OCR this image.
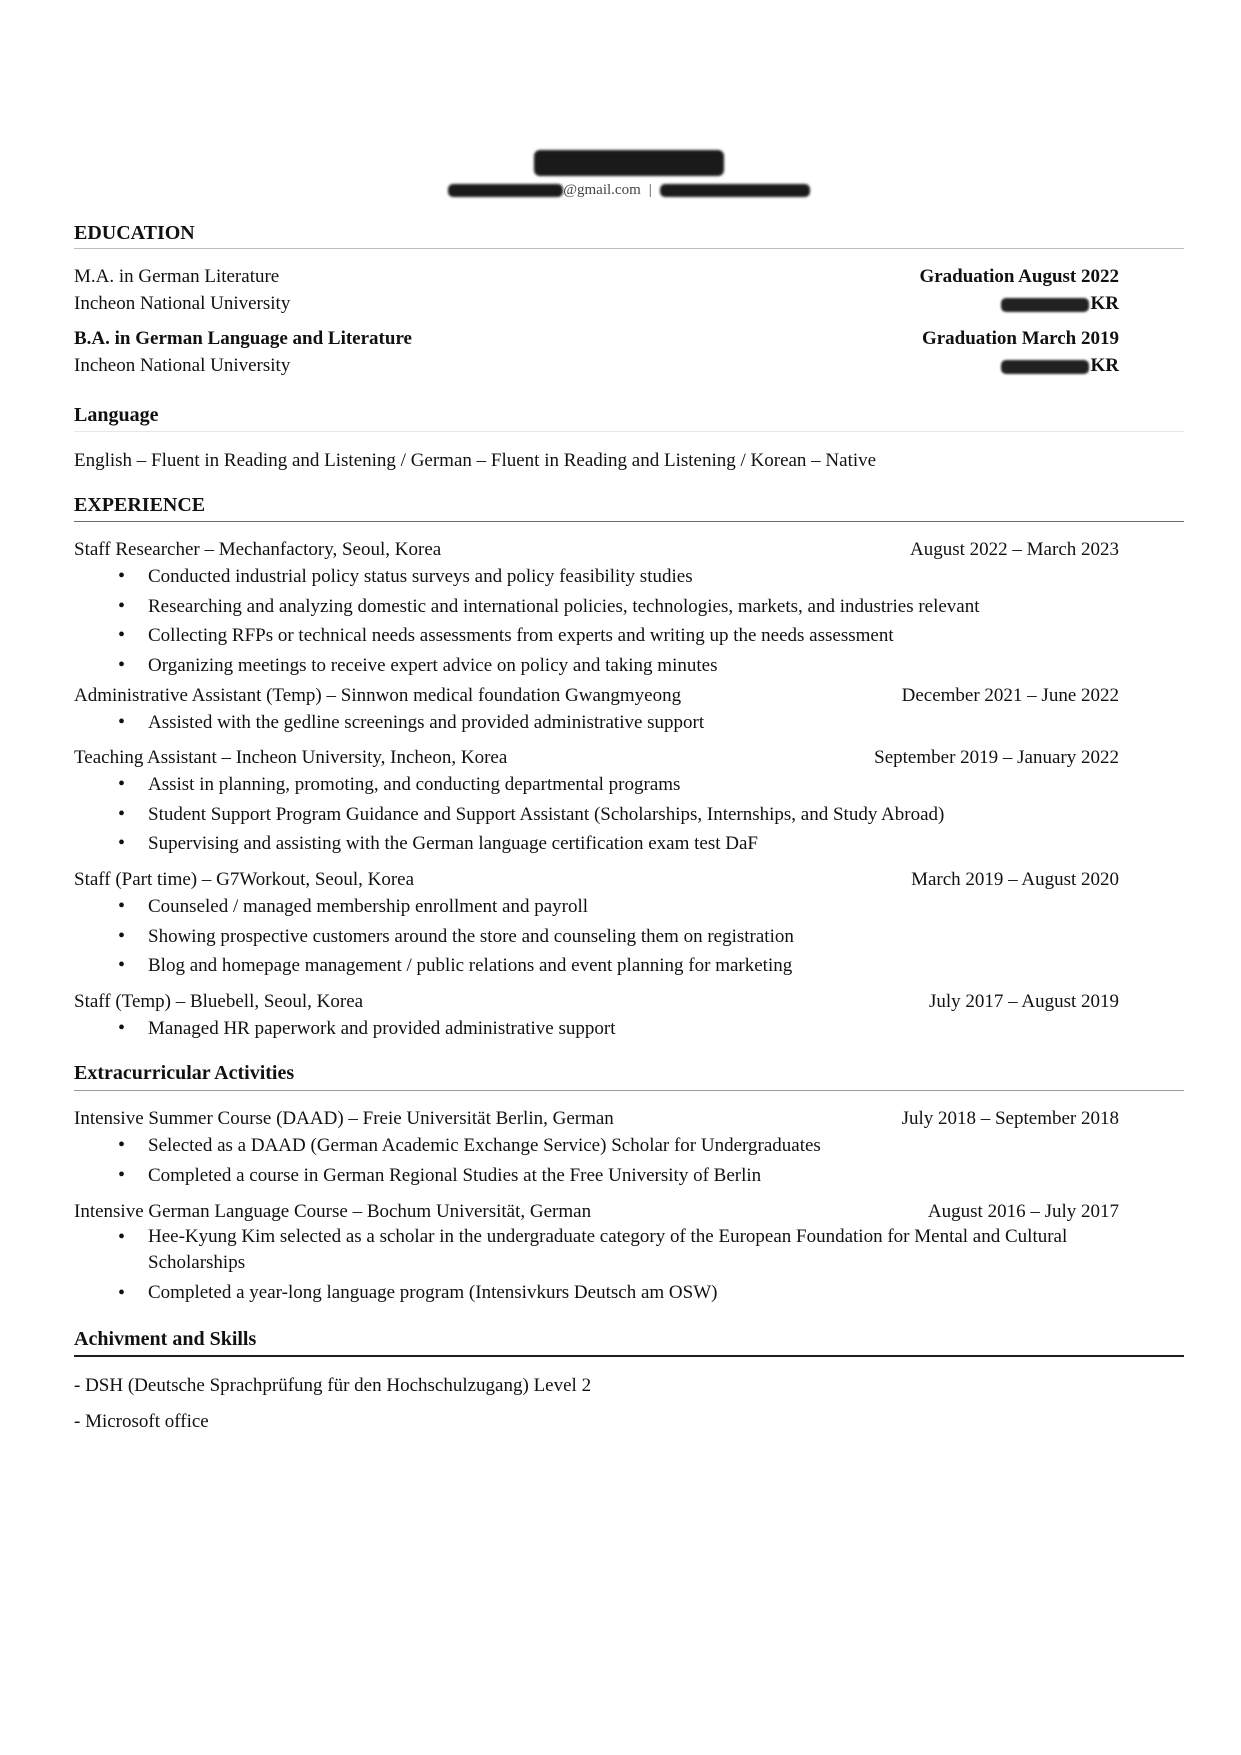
@gmail.com |
EDUCATION
M.A. in German Literature	Graduation August 2022
Incheon National University	KR
B.A. in German Language and Literature	Graduation March 2019
Incheon National University	KR
Language
English – Fluent in Reading and Listening / German – Fluent in Reading and Listening / Korean – Native
EXPERIENCE
Staff Researcher – Mechanfactory, Seoul, Korea	August 2022 – March 2023
• Conducted industrial policy status surveys and policy feasibility studies
• Researching and analyzing domestic and international policies, technologies, markets, and industries relevant
• Collecting RFPs or technical needs assessments from experts and writing up the needs assessment
• Organizing meetings to receive expert advice on policy and taking minutes
Administrative Assistant (Temp) – Sinnwon medical foundation Gwangmyeong	December 2021 – June 2022
• Assisted with the gedline screenings and provided administrative support
Teaching Assistant – Incheon University, Incheon, Korea	September 2019 – January 2022
• Assist in planning, promoting, and conducting departmental programs
• Student Support Program Guidance and Support Assistant (Scholarships, Internships, and Study Abroad)
• Supervising and assisting with the German language certification exam test DaF
Staff (Part time) – G7Workout, Seoul, Korea	March 2019 – August 2020
• Counseled / managed membership enrollment and payroll
• Showing prospective customers around the store and counseling them on registration
• Blog and homepage management / public relations and event planning for marketing
Staff (Temp) – Bluebell, Seoul, Korea	July 2017 – August 2019
• Managed HR paperwork and provided administrative support
Extracurricular Activities
Intensive Summer Course (DAAD) – Freie Universität Berlin, German	July 2018 – September 2018
• Selected as a DAAD (German Academic Exchange Service) Scholar for Undergraduates
• Completed a course in German Regional Studies at the Free University of Berlin
Intensive German Language Course – Bochum Universität, German	August 2016 – July 2017
• Hee-Kyung Kim selected as a scholar in the undergraduate category of the European Foundation for Mental and Cultural Scholarships
• Completed a year-long language program (Intensivkurs Deutsch am OSW)
Achivment and Skills
- DSH (Deutsche Sprachprüfung für den Hochschulzugang) Level 2
- Microsoft office
